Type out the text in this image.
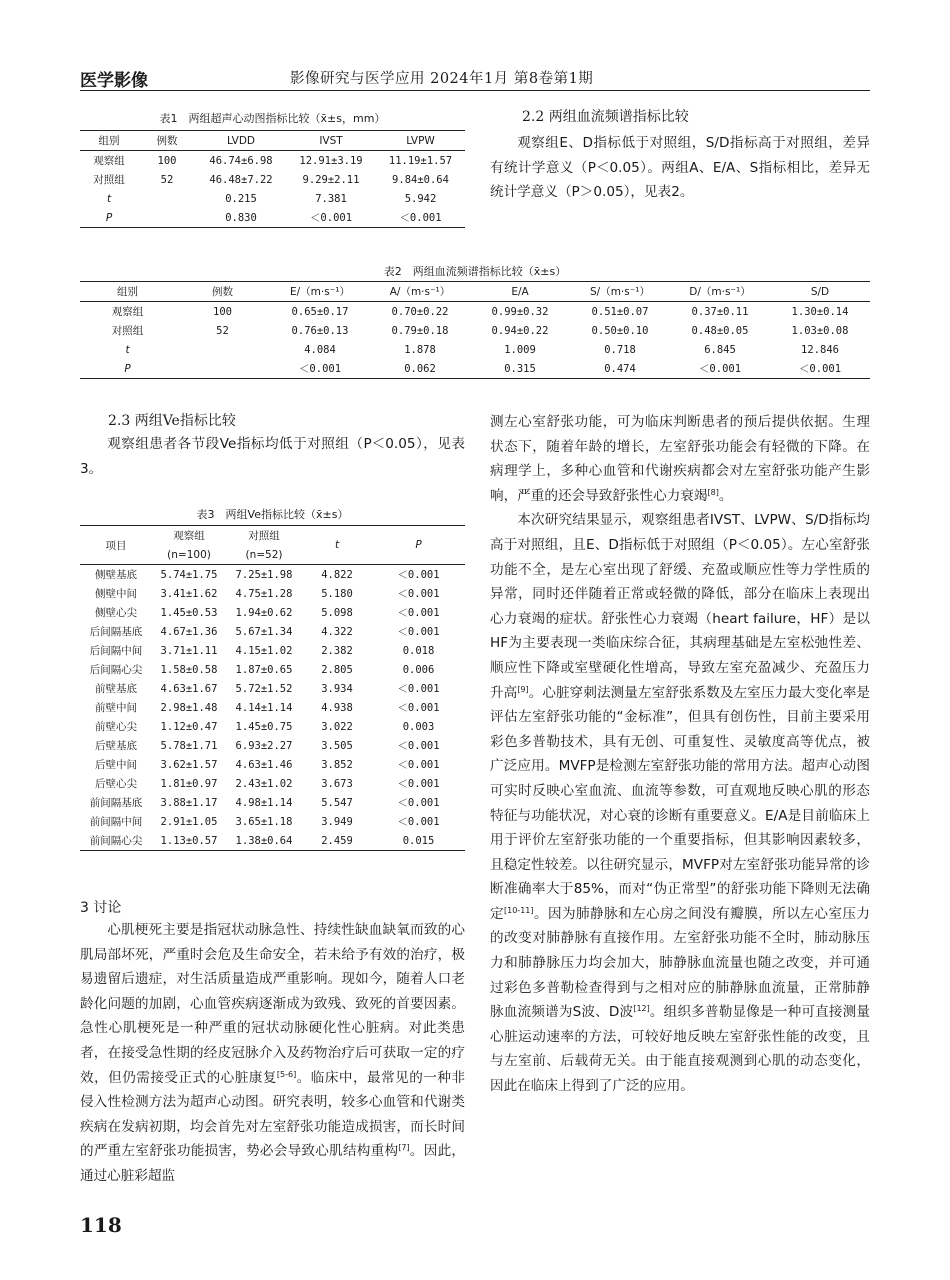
医学影像	影像研究与医学应用 2024年1月 第8卷第1期
表1　两组超声心动图指标比较（x̄±s，mm）
组别	例数	LVDD	IVST	LVPW
观察组	100	46.74±6.98	12.91±3.19	11.19±1.57
对照组	52	46.48±7.22	9.29±2.11	9.84±0.64
t		0.215	7.381	5.942
P		0.830	＜0.001	＜0.001
2.2 两组血流频谱指标比较

观察组E、D指标低于对照组，S/D指标高于对照组，差异有统计学意义（P＜0.05）。两组A、E/A、S指标相比，差异无统计学意义（P＞0.05），见表2。

表2　两组血流频谱指标比较（x̄±s）
组别	例数	E/（m·s⁻¹）	A/（m·s⁻¹）	E/A	S/（m·s⁻¹）	D/（m·s⁻¹）	S/D
观察组	100	0.65±0.17	0.70±0.22	0.99±0.32	0.51±0.07	0.37±0.11	1.30±0.14
对照组	52	0.76±0.13	0.79±0.18	0.94±0.22	0.50±0.10	0.48±0.05	1.03±0.08
t		4.084	1.878	1.009	0.718	6.845	12.846
P		＜0.001	0.062	0.315	0.474	＜0.001	＜0.001
2.3 两组Ve指标比较

观察组患者各节段Ve指标均低于对照组（P＜0.05），见表3。

表3　两组Ve指标比较（x̄±s）
项目	观察组	对照组	t	P
	(n=100)	(n=52)		
侧壁基底	5.74±1.75	7.25±1.98	4.822	＜0.001
侧壁中间	3.41±1.62	4.75±1.28	5.180	＜0.001
侧壁心尖	1.45±0.53	1.94±0.62	5.098	＜0.001
后间隔基底	4.67±1.36	5.67±1.34	4.322	＜0.001
后间隔中间	3.71±1.11	4.15±1.02	2.382	0.018
后间隔心尖	1.58±0.58	1.87±0.65	2.805	0.006
前壁基底	4.63±1.67	5.72±1.52	3.934	＜0.001
前壁中间	2.98±1.48	4.14±1.14	4.938	＜0.001
前壁心尖	1.12±0.47	1.45±0.75	3.022	0.003
后壁基底	5.78±1.71	6.93±2.27	3.505	＜0.001
后壁中间	3.62±1.57	4.63±1.46	3.852	＜0.001
后壁心尖	1.81±0.97	2.43±1.02	3.673	＜0.001
前间隔基底	3.88±1.17	4.98±1.14	5.547	＜0.001
前间隔中间	2.91±1.05	3.65±1.18	3.949	＜0.001
前间隔心尖	1.13±0.57	1.38±0.64	2.459	0.015
3 讨论

心肌梗死主要是指冠状动脉急性、持续性缺血缺氧而致的心肌局部坏死，严重时会危及生命安全，若未给予有效的治疗，极易遗留后遗症，对生活质量造成严重影响。现如今，随着人口老龄化问题的加剧，心血管疾病逐渐成为致残、致死的首要因素。急性心肌梗死是一种严重的冠状动脉硬化性心脏病。对此类患者，在接受急性期的经皮冠脉介入及药物治疗后可获取一定的疗效，但仍需接受正式的心脏康复[5-6]。临床中，最常见的一种非侵入性检测方法为超声心动图。研究表明，较多心血管和代谢类疾病在发病初期，均会首先对左室舒张功能造成损害，而长时间的严重左室舒张功能损害，势必会导致心肌结构重构[7]。因此，通过心脏彩超监

测左心室舒张功能，可为临床判断患者的预后提供依据。生理状态下，随着年龄的增长，左室舒张功能会有轻微的下降。在病理学上，多种心血管和代谢疾病都会对左室舒张功能产生影响，严重的还会导致舒张性心力衰竭[8]。

本次研究结果显示，观察组患者IVST、LVPW、S/D指标均高于对照组，且E、D指标低于对照组（P＜0.05）。左心室舒张功能不全，是左心室出现了舒缓、充盈或顺应性等力学性质的异常，同时还伴随着正常或轻微的降低，部分在临床上表现出心力衰竭的症状。舒张性心力衰竭（heart failure，HF）是以HF为主要表现一类临床综合征，其病理基础是左室松弛性差、顺应性下降或室壁硬化性增高，导致左室充盈减少、充盈压力升高[9]。心脏穿刺法测量左室舒张系数及左室压力最大变化率是评估左室舒张功能的“金标准”，但具有创伤性，目前主要采用彩色多普勒技术，具有无创、可重复性、灵敏度高等优点，被广泛应用。MVFP是检测左室舒张功能的常用方法。超声心动图可实时反映心室血流、血流等参数，可直观地反映心肌的形态特征与功能状况，对心衰的诊断有重要意义。E/A是目前临床上用于评价左室舒张功能的一个重要指标，但其影响因素较多，且稳定性较差。以往研究显示，MVFP对左室舒张功能异常的诊断准确率大于85%，而对“伪正常型”的舒张功能下降则无法确定[10-11]。因为肺静脉和左心房之间没有瓣膜，所以左心室压力的改变对肺静脉有直接作用。左室舒张功能不全时，肺动脉压力和肺静脉压力均会加大，肺静脉血流量也随之改变，并可通过彩色多普勒检查得到与之相对应的肺静脉血流量，正常肺静脉血流频谱为S波、D波[12]。组织多普勒显像是一种可直接测量心脏运动速率的方法，可较好地反映左室舒张性能的改变，且与左室前、后载荷无关。由于能直接观测到心肌的动态变化，因此在临床上得到了广泛的应用。

118
